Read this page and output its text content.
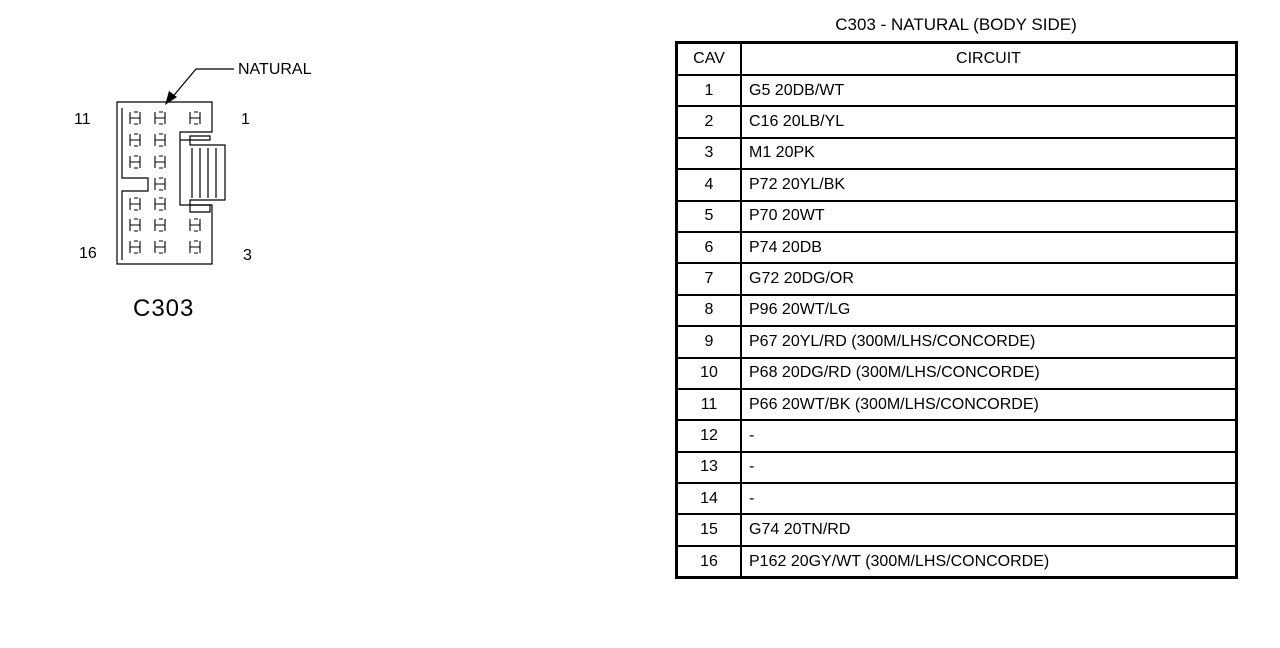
NATURAL
11	1
16	3
C303
C303 - NATURAL (BODY SIDE)
CAV	CIRCUIT
1	G5 20DB/WT
2	C16 20LB/YL
3	M1 20PK
4	P72 20YL/BK
5	P70 20WT
6	P74 20DB
7	G72 20DG/OR
8	P96 20WT/LG
9	P67 20YL/RD (300M/LHS/CONCORDE)
10	P68 20DG/RD (300M/LHS/CONCORDE)
11	P66 20WT/BK (300M/LHS/CONCORDE)
12	-
13	-
14	-
15	G74 20TN/RD
16	P162 20GY/WT (300M/LHS/CONCORDE)
